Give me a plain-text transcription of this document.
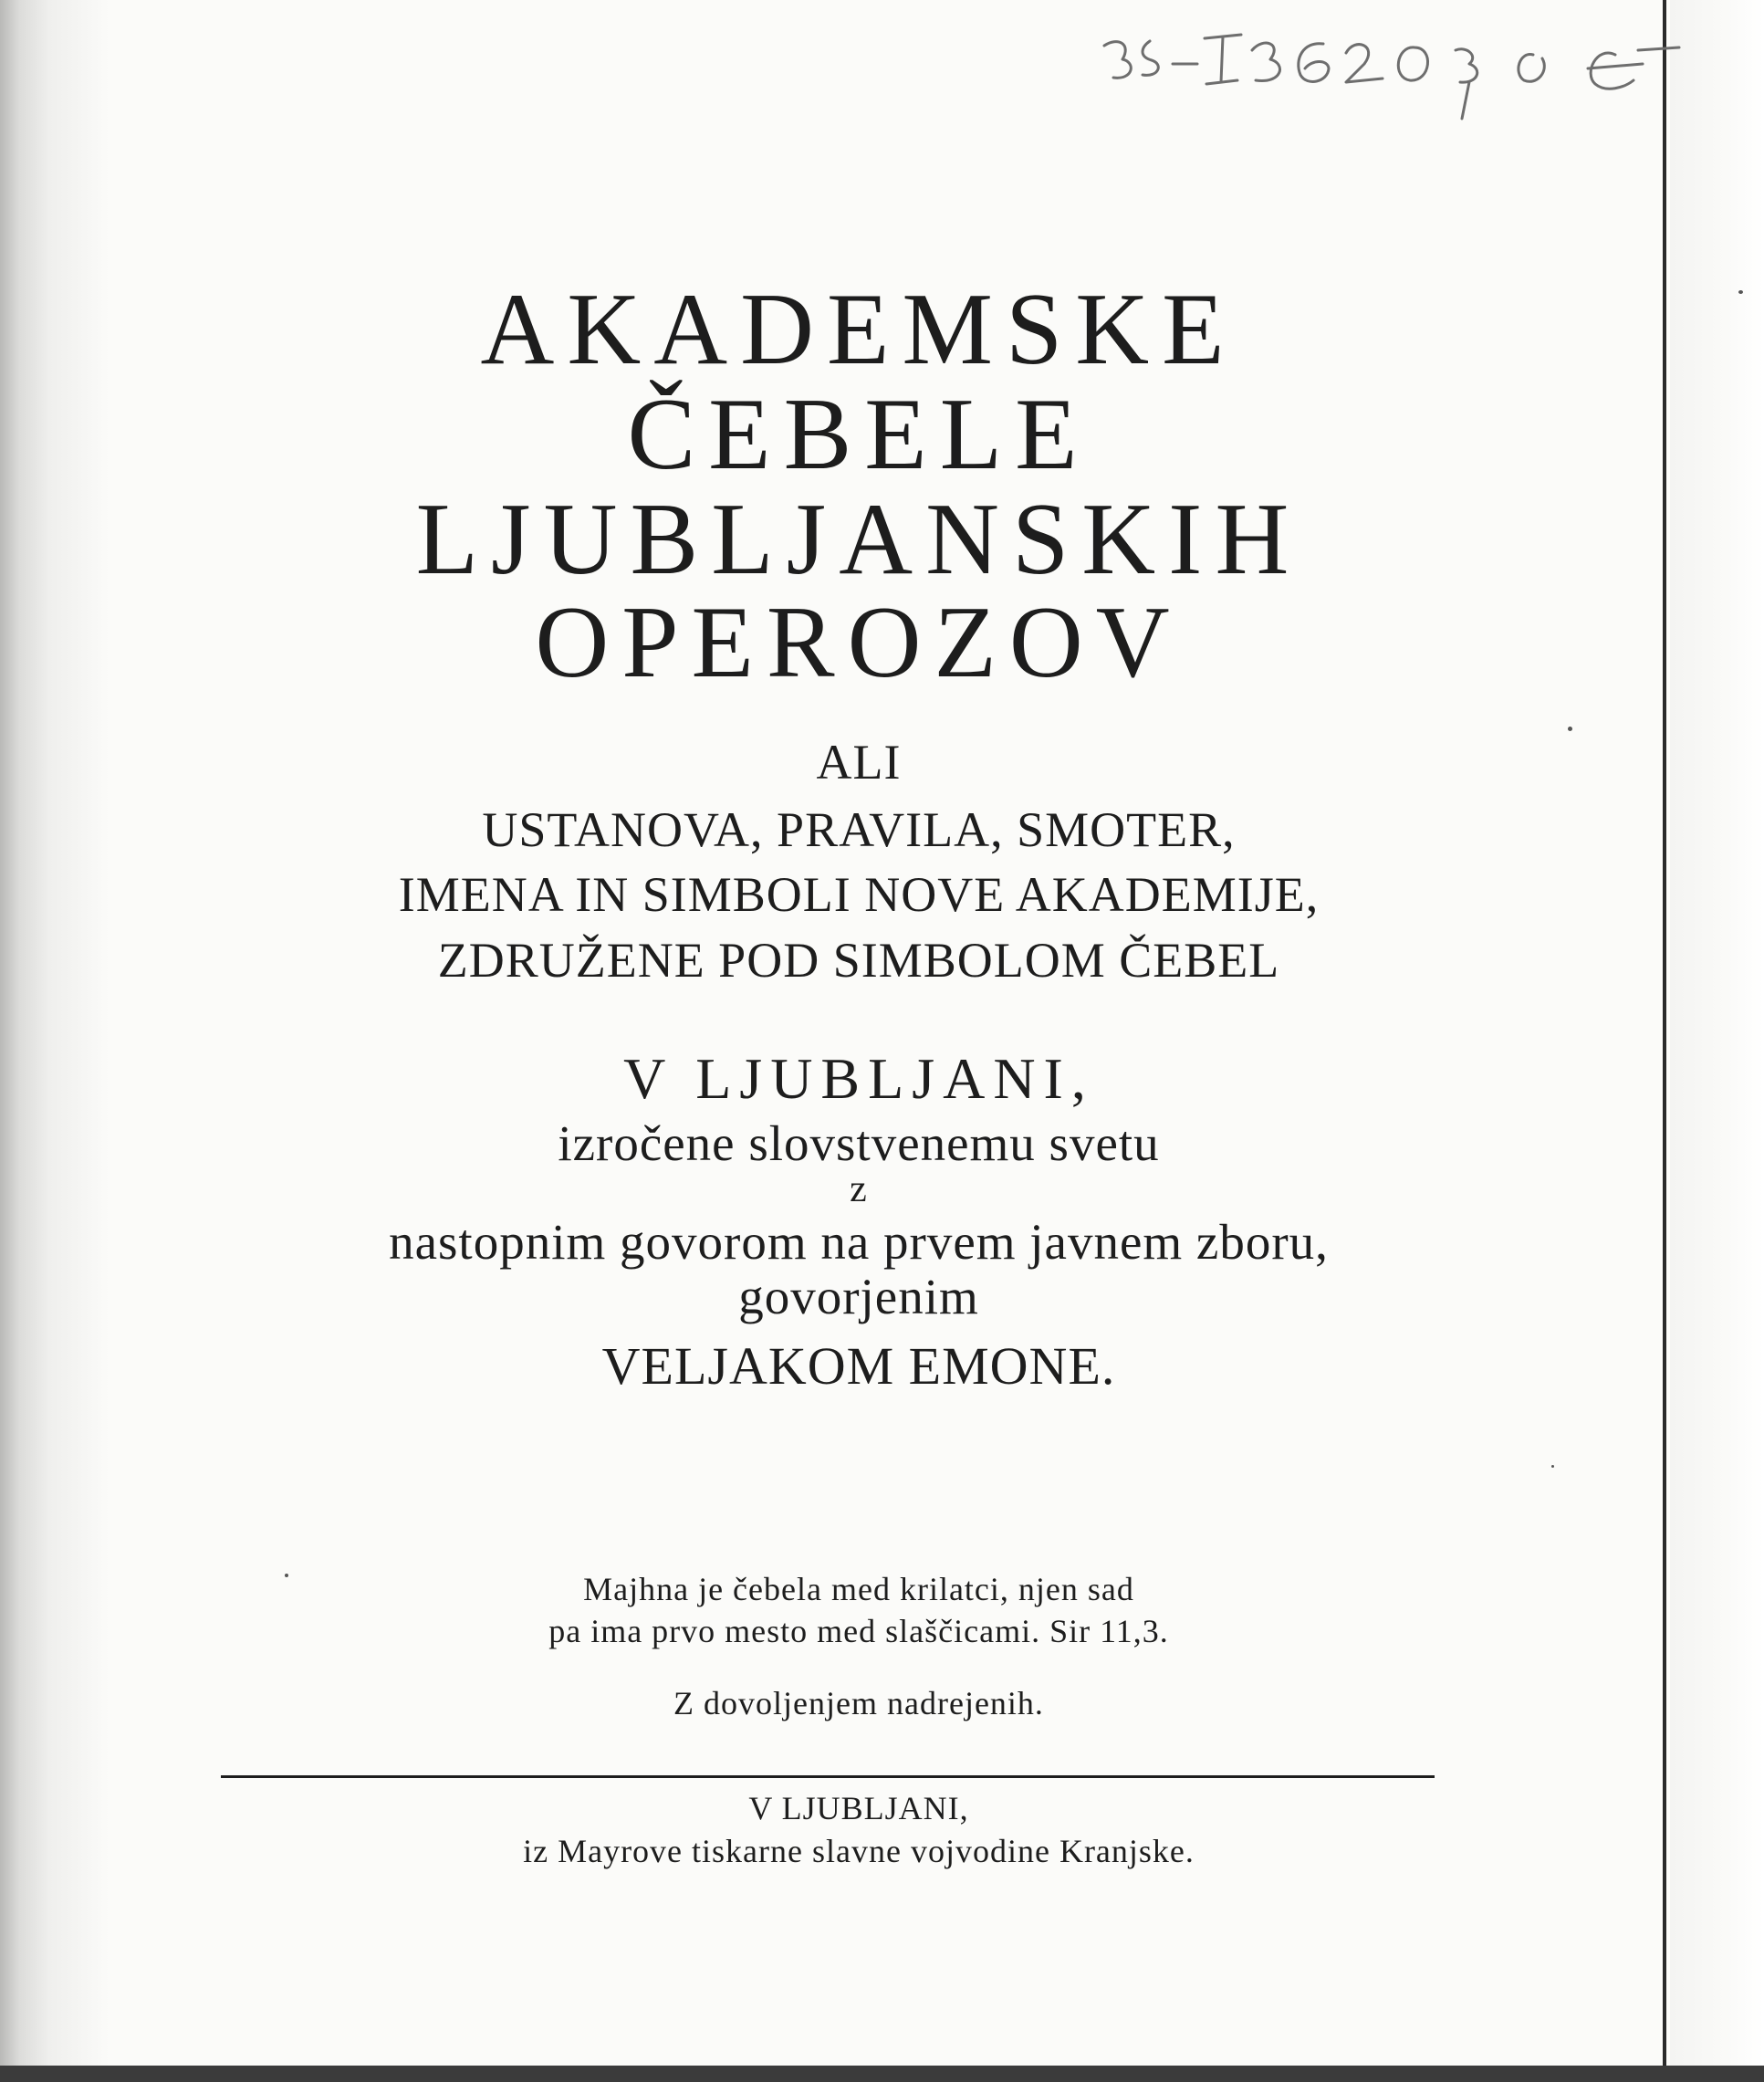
AKADEMSKE
ČEBELE
LJUBLJANSKIH
OPEROZOV
ALI
USTANOVA, PRAVILA, SMOTER,
IMENA IN SIMBOLI NOVE AKADEMIJE,
ZDRUŽENE POD SIMBOLOM ČEBEL
V LJUBLJANI,
izročene slovstvenemu svetu
z
nastopnim govorom na prvem javnem zboru,
govorjenim
VELJAKOM EMONE.
Majhna je čebela med krilatci, njen sad
pa ima prvo mesto med slaščicami. Sir 11,3.
Z dovoljenjem nadrejenih.
V LJUBLJANI,
iz Mayrove tiskarne slavne vojvodine Kranjske.
